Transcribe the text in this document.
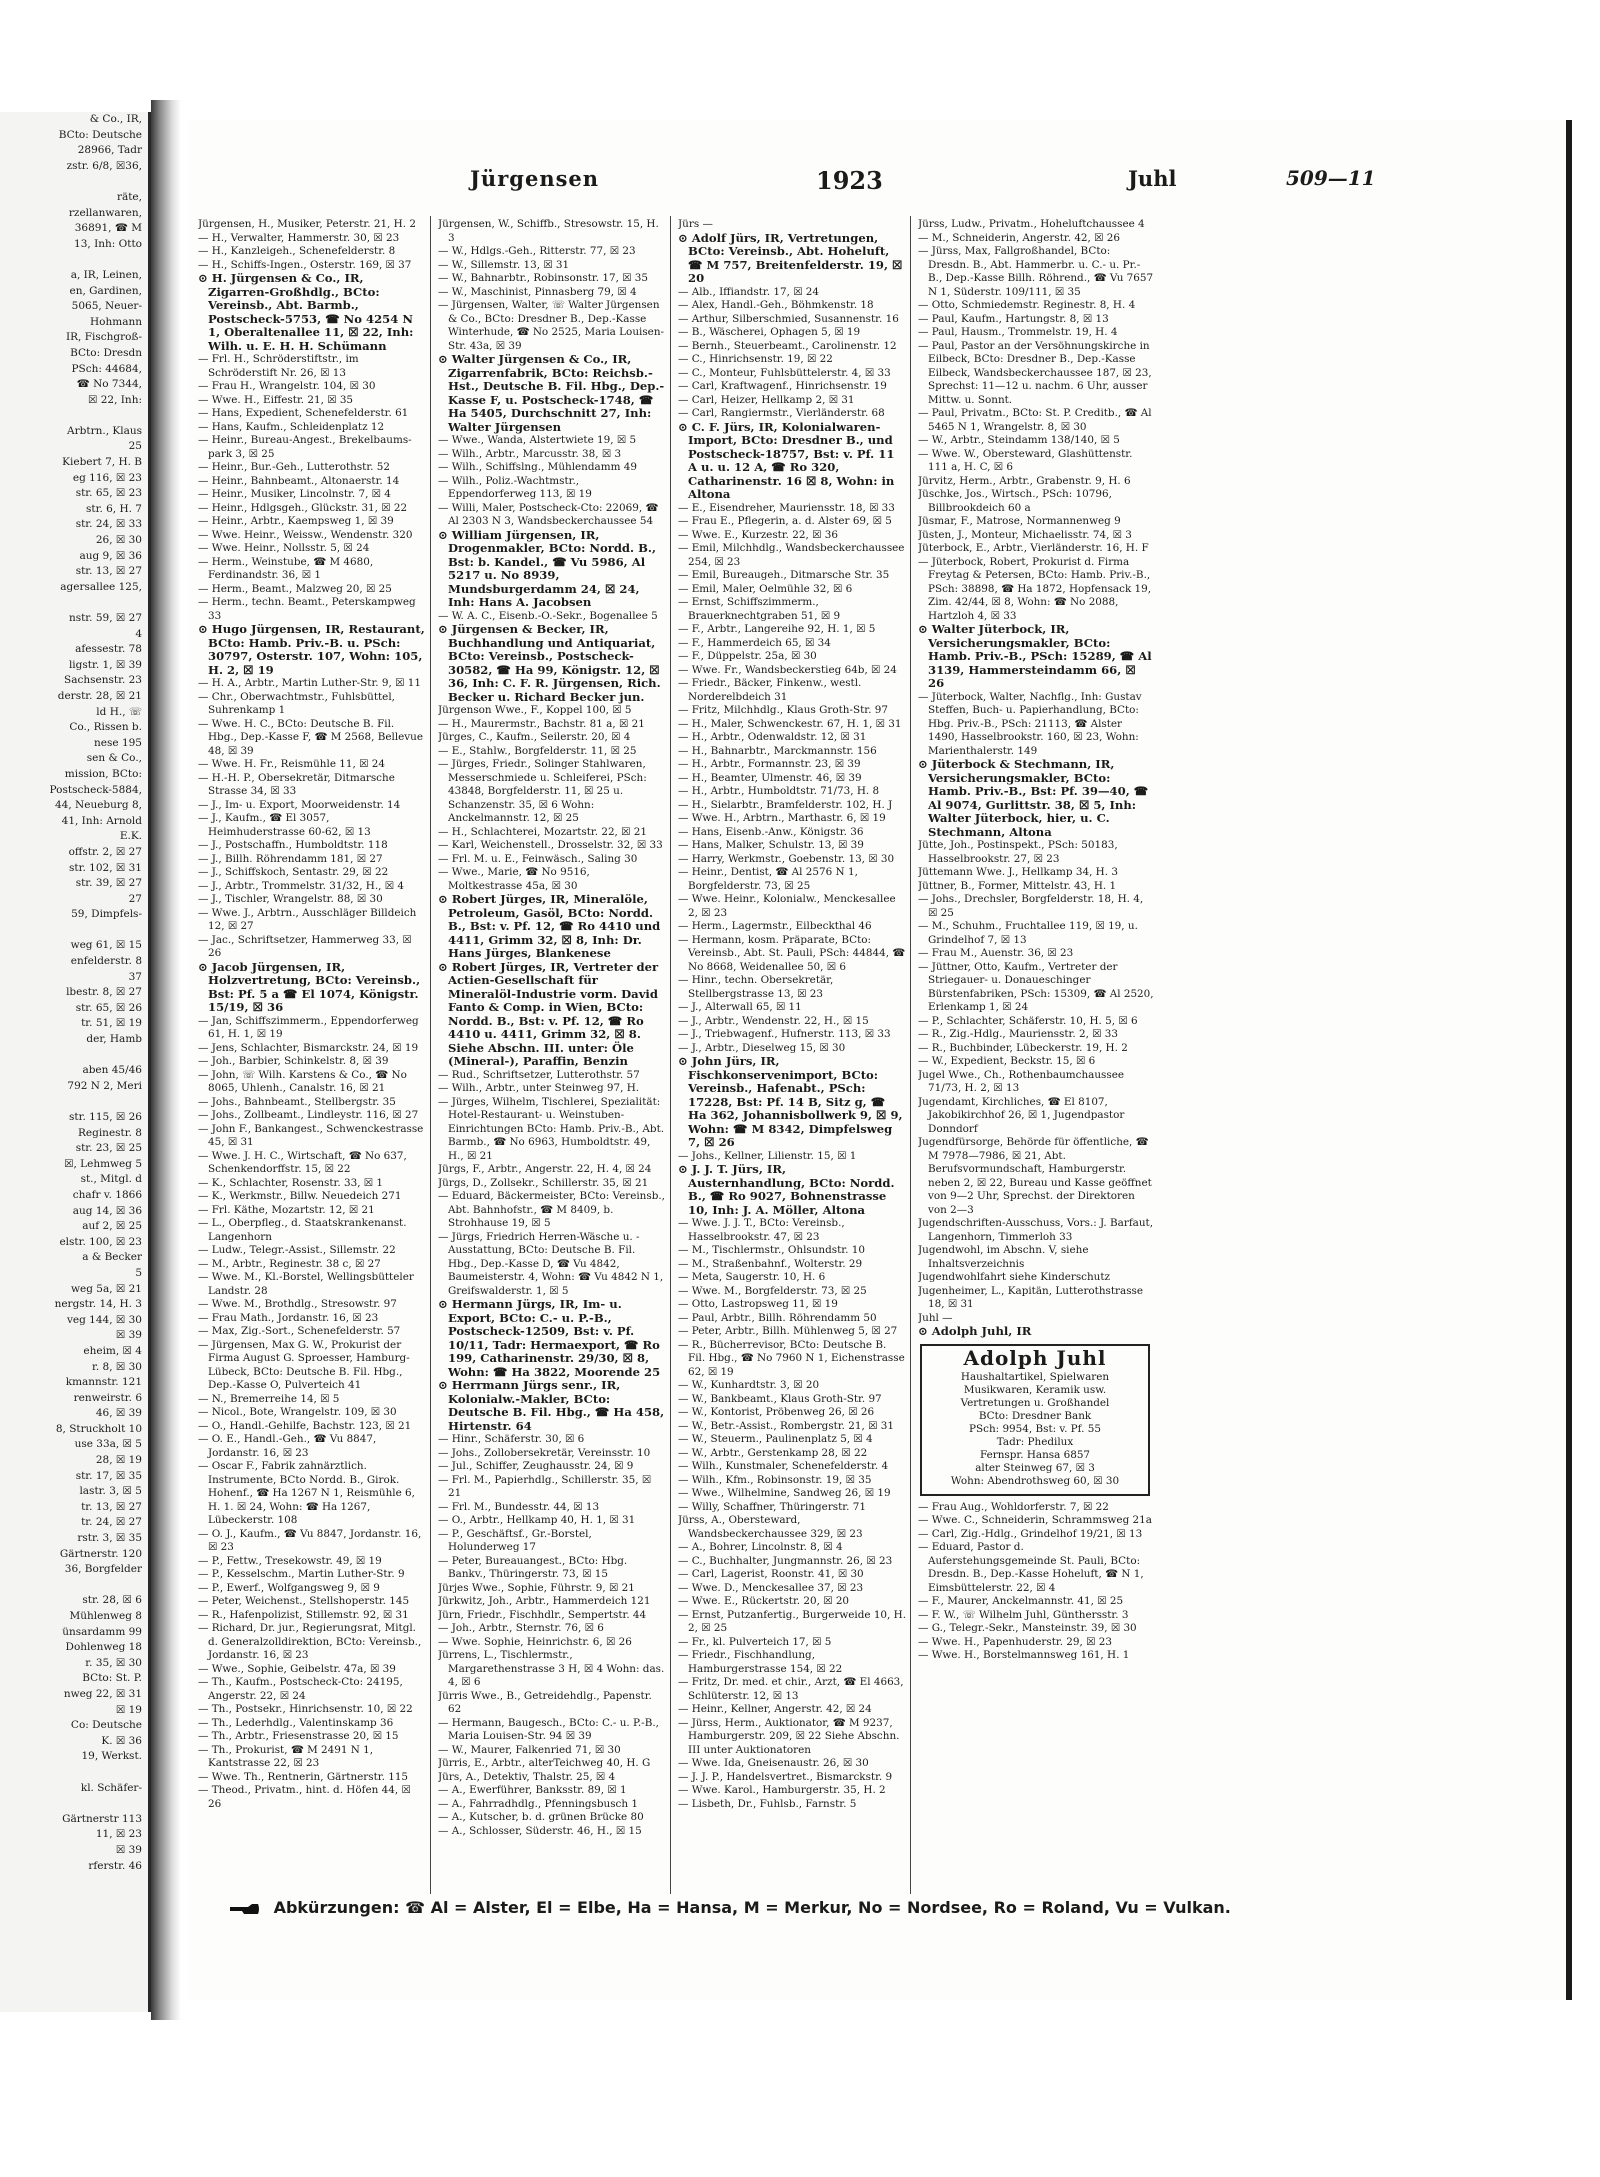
& Co., IR,
BCto: Deutsche
28966, Tadr
zstr. 6/8, ☒36,

räte,
rzellanwaren,
36891, ☎ M
13, Inh: Otto

a, IR, Leinen,
en, Gardinen,
5065, Neuer-
Hohmann
IR, Fischgroß-
BCto: Dresdn
PSch: 44684,
☎ No 7344,
☒ 22, Inh:

Arbtrn., Klaus
25
Kiebert 7, H. B
eg 116, ☒ 23
str. 65, ☒ 23
str. 6, H. 7
str. 24, ☒ 33
26, ☒ 30
aug 9, ☒ 36
str. 13, ☒ 27
agersallee 125,

nstr. 59, ☒ 27
4
afessestr. 78
ligstr. 1, ☒ 39
Sachsenstr. 23
derstr. 28, ☒ 21
ld H., ☏
Co., Rissen b.
nese 195
sen & Co.,
mission, BCto:
Postscheck-5884,
44, Neueburg 8,
41, Inh: Arnold
E.K.
offstr. 2, ☒ 27
str. 102, ☒ 31
str. 39, ☒ 27
27
59, Dimpfels-

weg 61, ☒ 15
enfelderstr. 8
37
lbestr. 8, ☒ 27
str. 65, ☒ 26
tr. 51, ☒ 19
der, Hamb

aben 45/46
792 N 2, Meri

str. 115, ☒ 26
Reginestr. 8
str. 23, ☒ 25
☒, Lehmweg 5
st., Mitgl. d
chafr v. 1866
aug 14, ☒ 36
auf 2, ☒ 25
elstr. 100, ☒ 23
a & Becker
5
weg 5a, ☒ 21
nergstr. 14, H. 3
veg 144, ☒ 30
☒ 39
eheim, ☒ 4
r. 8, ☒ 30
kmannstr. 121
renweirstr. 6
46, ☒ 39
8, Struckholt 10
use 33a, ☒ 5
28, ☒ 19
str. 17, ☒ 35
lastr. 3, ☒ 5
tr. 13, ☒ 27
tr. 24, ☒ 27
rstr. 3, ☒ 35
Gärtnerstr. 120
36, Borgfelder

str. 28, ☒ 6
Mühlenweg 8
ünsardamm 99
Dohlenweg 18
r. 35, ☒ 30
BCto: St. P.
nweg 22, ☒ 31
☒ 19
Co: Deutsche
K. ☒ 36
19, Werkst.

kl. Schäfer-

Gärtnerstr 113
11, ☒ 23
☒ 39
rferstr. 46
Jürgensen	1923	Juhl	509—11

Jürgensen, H., Musiker, Peterstr. 21, H. 2

— H., Verwalter, Hammerstr. 30, ☒ 23

— H., Kanzleigeh., Schenefelderstr. 8

— H., Schiffs-Ingen., Osterstr. 169, ☒ 37

⊙ H. Jürgensen & Co., IR, Zigarren-Großhdlg., BCto: Vereinsb., Abt. Barmb., Postscheck-5753, ☎ No 4254 N 1, Oberaltenallee 11, ☒ 22, Inh: Wilh. u. E. H. H. Schümann

— Frl. H., Schröderstiftstr., im Schröderstift Nr. 26, ☒ 13

— Frau H., Wrangelstr. 104, ☒ 30

— Wwe. H., Eiffestr. 21, ☒ 35

— Hans, Expedient, Schenefelderstr. 61

— Hans, Kaufm., Schleidenplatz 12

— Heinr., Bureau-Angest., Brekelbaums-park 3, ☒ 25

— Heinr., Bur.-Geh., Lutterothstr. 52

— Heinr., Bahnbeamt., Altonaerstr. 14

— Heinr., Musiker, Lincolnstr. 7, ☒ 4

— Heinr., Hdlgsgeh., Glückstr. 31, ☒ 22

— Heinr., Arbtr., Kaempsweg 1, ☒ 39

— Wwe. Heinr., Weissw., Wendenstr. 320

— Wwe. Heinr., Nollsstr. 5, ☒ 24

— Herm., Weinstube, ☎ M 4680, Ferdinandstr. 36, ☒ 1

— Herm., Beamt., Malzweg 20, ☒ 25

— Herm., techn. Beamt., Peterskampweg 33

⊙ Hugo Jürgensen, IR, Restaurant, BCto: Hamb. Priv.-B. u. PSch: 30797, Osterstr. 107, Wohn: 105, H. 2, ☒ 19

— H. A., Arbtr., Martin Luther-Str. 9, ☒ 11

— Chr., Oberwachtmstr., Fuhlsbüttel, Suhrenkamp 1

— Wwe. H. C., BCto: Deutsche B. Fil. Hbg., Dep.-Kasse F, ☎ M 2568, Bellevue 48, ☒ 39

— Wwe. H. Fr., Reismühle 11, ☒ 24

— H.-H. P., Obersekretär, Ditmarsche Strasse 34, ☒ 33

— J., Im- u. Export, Moorweidenstr. 14

— J., Kaufm., ☎ El 3057, Heimhuderstrasse 60-62, ☒ 13

— J., Postschaffn., Humboldtstr. 118

— J., Billh. Röhrendamm 181, ☒ 27

— J., Schiffskoch, Sentastr. 29, ☒ 22

— J., Arbtr., Trommelstr. 31/32, H., ☒ 4

— J., Tischler, Wrangelstr. 88, ☒ 30

— Wwe. J., Arbtrn., Ausschläger Billdeich 12, ☒ 27

— Jac., Schriftsetzer, Hammerweg 33, ☒ 26

⊙ Jacob Jürgensen, IR, Holzvertretung, BCto: Vereinsb., Bst: Pf. 5 a ☎ El 1074, Königstr. 15/19, ☒ 36

— Jan, Schiffszimmerm., Eppendorferweg 61, H. 1, ☒ 19

— Jens, Schlachter, Bismarckstr. 24, ☒ 19

— Joh., Barbier, Schinkelstr. 8, ☒ 39

— John, ☏ Wilh. Karstens & Co., ☎ No 8065, Uhlenh., Canalstr. 16, ☒ 21

— Johs., Bahnbeamt., Stellbergstr. 35

— Johs., Zollbeamt., Lindleystr. 116, ☒ 27

— John F., Bankangest., Schwenckestrasse 45, ☒ 31

— Wwe. J. H. C., Wirtschaft, ☎ No 637, Schenkendorffstr. 15, ☒ 22

— K., Schlachter, Rosenstr. 33, ☒ 1

— K., Werkmstr., Billw. Neuedeich 271

— Frl. Käthe, Mozartstr. 12, ☒ 21

— L., Oberpfleg., d. Staatskrankenanst. Langenhorn

— Ludw., Telegr.-Assist., Sillemstr. 22

— M., Arbtr., Reginestr. 38 c, ☒ 27

— Wwe. M., Kl.-Borstel, Wellingsbütteler Landstr. 28

— Wwe. M., Brothdlg., Stresowstr. 97

— Frau Math., Jordanstr. 16, ☒ 23

— Max, Zig.-Sort., Schenefelderstr. 57

— Jürgensen, Max G. W., Prokurist der Firma August G. Sproesser, Hamburg-Lübeck, BCto: Deutsche B. Fil. Hbg., Dep.-Kasse O, Pulverteich 41

— N., Bremerreihe 14, ☒ 5

— Nicol., Bote, Wrangelstr. 109, ☒ 30

— O., Handl.-Gehilfe, Bachstr. 123, ☒ 21

— O. E., Handl.-Geh., ☎ Vu 8847, Jordanstr. 16, ☒ 23

— Oscar F., Fabrik zahnärztlich. Instrumente, BCto Nordd. B., Girok. Hohenf., ☎ Ha 1267 N 1, Reismühle 6, H. 1. ☒ 24, Wohn: ☎ Ha 1267, Lübeckerstr. 108

— O. J., Kaufm., ☎ Vu 8847, Jordanstr. 16, ☒ 23

— P., Fettw., Tresekowstr. 49, ☒ 19

— P., Kesselschm., Martin Luther-Str. 9

— P., Ewerf., Wolfgangsweg 9, ☒ 9

— Peter, Weichenst., Stellshoperstr. 145

— R., Hafenpolizist, Stillemstr. 92, ☒ 31

— Richard, Dr. jur., Regierungsrat, Mitgl. d. Generalzolldirektion, BCto: Vereinsb., Jordanstr. 16, ☒ 23

— Wwe., Sophie, Geibelstr. 47a, ☒ 39

— Th., Kaufm., Postscheck-Cto: 24195, Angerstr. 22, ☒ 24

— Th., Postsekr., Hinrichsenstr. 10, ☒ 22

— Th., Lederhdlg., Valentinskamp 36

— Th., Arbtr., Friesenstrasse 20, ☒ 15

— Th., Prokurist, ☎ M 2491 N 1, Kantstrasse 22, ☒ 23

— Wwe. Th., Rentnerin, Gärtnerstr. 115

— Theod., Privatm., hint. d. Höfen 44, ☒ 26

Jürgensen, W., Schiffb., Stresowstr. 15, H. 3

— W., Hdlgs.-Geh., Ritterstr. 77, ☒ 23

— W., Sillemstr. 13, ☒ 31

— W., Bahnarbtr., Robinsonstr. 17, ☒ 35

— W., Maschinist, Pinnasberg 79, ☒ 4

— Jürgensen, Walter, ☏ Walter Jürgensen & Co., BCto: Dresdner B., Dep.-Kasse Winterhude, ☎ No 2525, Maria Louisen-Str. 43a, ☒ 39

⊙ Walter Jürgensen & Co., IR, Zigarrenfabrik, BCto: Reichsb.-Hst., Deutsche B. Fil. Hbg., Dep.-Kasse F, u. Postscheck-1748, ☎ Ha 5405, Durchschnitt 27, Inh: Walter Jürgensen

— Wwe., Wanda, Alstertwiete 19, ☒ 5

— Wilh., Arbtr., Marcusstr. 38, ☒ 3

— Wilh., Schiffslng., Mühlendamm 49

— Wilh., Poliz.-Wachtmstr., Eppendorferweg 113, ☒ 19

— Willi, Maler, Postscheck-Cto: 22069, ☎ Al 2303 N 3, Wandsbeckerchaussee 54

⊙ William Jürgensen, IR, Drogenmakler, BCto: Nordd. B., Bst: b. Kandel., ☎ Vu 5986, Al 5217 u. No 8939, Mundsburgerdamm 24, ☒ 24, Inh: Hans A. Jacobsen

— W. A. C., Eisenb.-O.-Sekr., Bogenallee 5

⊙ Jürgensen & Becker, IR, Buchhandlung und Antiquariat, BCto: Vereinsb., Postscheck-30582, ☎ Ha 99, Königstr. 12, ☒ 36, Inh: C. F. R. Jürgensen, Rich. Becker u. Richard Becker jun.

Jürgenson Wwe., F., Koppel 100, ☒ 5

— H., Maurermstr., Bachstr. 81 a, ☒ 21

Jürges, C., Kaufm., Seilerstr. 20, ☒ 4

— E., Stahlw., Borgfelderstr. 11, ☒ 25

— Jürges, Friedr., Solinger Stahlwaren, Messerschmiede u. Schleiferei, PSch: 43848, Borgfelderstr. 11, ☒ 25 u. Schanzenstr. 35, ☒ 6 Wohn: Anckelmannstr. 12, ☒ 25

— H., Schlachterei, Mozartstr. 22, ☒ 21

— Karl, Weichenstell., Drosselstr. 32, ☒ 33

— Frl. M. u. E., Feinwäsch., Saling 30

— Wwe., Marie, ☎ No 9516, Moltkestrasse 45a, ☒ 30

⊙ Robert Jürges, IR, Mineralöle, Petroleum, Gasöl, BCto: Nordd. B., Bst: v. Pf. 12, ☎ Ro 4410 und 4411, Grimm 32, ☒ 8, Inh: Dr. Hans Jürges, Blankenese

⊙ Robert Jürges, IR, Vertreter der Actien-Gesellschaft für Mineralöl-Industrie vorm. David Fanto & Comp. in Wien, BCto: Nordd. B., Bst: v. Pf. 12, ☎ Ro 4410 u. 4411, Grimm 32, ☒ 8. Siehe Abschn. III. unter: Öle (Mineral-), Paraffin, Benzin

— Rud., Schriftsetzer, Lutterothstr. 57

— Wilh., Arbtr., unter Steinweg 97, H.

— Jürges, Wilhelm, Tischlerei, Spezialität: Hotel-Restaurant- u. Weinstuben-Einrichtungen BCto: Hamb. Priv.-B., Abt. Barmb., ☎ No 6963, Humboldtstr. 49, H., ☒ 21

Jürgs, F., Arbtr., Angerstr. 22, H. 4, ☒ 24

Jürgs, D., Zollsekr., Schillerstr. 35, ☒ 21

— Eduard, Bäckermeister, BCto: Vereinsb., Abt. Bahnhofstr., ☎ M 8409, b. Strohhause 19, ☒ 5

— Jürgs, Friedrich Herren-Wäsche u. -Ausstattung, BCto: Deutsche B. Fil. Hbg., Dep.-Kasse D, ☎ Vu 4842, Baumeisterstr. 4, Wohn: ☎ Vu 4842 N 1, Greifswalderstr. 1, ☒ 5

⊙ Hermann Jürgs, IR, Im- u. Export, BCto: C.- u. P.-B., Postscheck-12509, Bst: v. Pf. 10/11, Tadr: Hermaexport, ☎ Ro 199, Catharinenstr. 29/30, ☒ 8, Wohn: ☎ Ha 3822, Moorende 25

⊙ Herrmann Jürgs senr., IR, Kolonialw.-Makler, BCto: Deutsche B. Fil. Hbg., ☎ Ha 458, Hirtenstr. 64

— Hinr., Schäferstr. 30, ☒ 6

— Johs., Zollobersekretär, Vereinsstr. 10

— Jul., Schiffer, Zeughausstr. 24, ☒ 9

— Frl. M., Papierhdlg., Schillerstr. 35, ☒ 21

— Frl. M., Bundesstr. 44, ☒ 13

— O., Arbtr., Hellkamp 40, H. 1, ☒ 31

— P., Geschäftsf., Gr.-Borstel, Holunderweg 17

— Peter, Bureauangest., BCto: Hbg. Bankv., Thüringerstr. 73, ☒ 15

Jürjes Wwe., Sophie, Führstr. 9, ☒ 21

Jürkwitz, Joh., Arbtr., Hammerdeich 121

Jürn, Friedr., Fischhdlr., Sempertstr. 44

— Joh., Arbtr., Sternstr. 76, ☒ 6

— Wwe. Sophie, Heinrichstr. 6, ☒ 26

Jürrens, L., Tischlermstr., Margarethenstrasse 3 H, ☒ 4 Wohn: das. 4, ☒ 6

Jürris Wwe., B., Getreidehdlg., Papenstr. 62

— Hermann, Baugesch., BCto: C.- u. P.-B., Maria Louisen-Str. 94 ☒ 39

— W., Maurer, Falkenried 71, ☒ 30

Jürris, E., Arbtr., alterTeichweg 40, H. G

Jürs, A., Detektiv, Thalstr. 25, ☒ 4

— A., Ewerführer, Banksstr. 89, ☒ 1

— A., Fahrradhdlg., Pfenningsbusch 1

— A., Kutscher, b. d. grünen Brücke 80

— A., Schlosser, Süderstr. 46, H., ☒ 15

Jürs —

⊙ Adolf Jürs, IR, Vertretungen, BCto: Vereinsb., Abt. Hoheluft, ☎ M 757, Breitenfelderstr. 19, ☒ 20

— Alb., Iffiandstr. 17, ☒ 24

— Alex, Handl.-Geh., Böhmkenstr. 18

— Arthur, Silberschmied, Susannenstr. 16

— B., Wäscherei, Ophagen 5, ☒ 19

— Bernh., Steuerbeamt., Carolinenstr. 12

— C., Hinrichsenstr. 19, ☒ 22

— C., Monteur, Fuhlsbüttelerstr. 4, ☒ 33

— Carl, Kraftwagenf., Hinrichsenstr. 19

— Carl, Heizer, Hellkamp 2, ☒ 31

— Carl, Rangiermstr., Vierländerstr. 68

⊙ C. F. Jürs, IR, Kolonialwaren-Import, BCto: Dresdner B., und Postscheck-18757, Bst: v. Pf. 11 A u. u. 12 A, ☎ Ro 320, Catharinenstr. 16 ☒ 8, Wohn: in Altona

— E., Eisendreher, Mauriensstr. 18, ☒ 33

— Frau E., Pflegerin, a. d. Alster 69, ☒ 5

— Wwe. E., Kurzestr. 22, ☒ 36

— Emil, Milchhdlg., Wandsbeckerchaussee 254, ☒ 23

— Emil, Bureaugeh., Ditmarsche Str. 35

— Emil, Maler, Oelmühle 32, ☒ 6

— Ernst, Schiffszimmerm., Brauerknechtgraben 51, ☒ 9

— F., Arbtr., Langereihe 92, H. 1, ☒ 5

— F., Hammerdeich 65, ☒ 34

— F., Düppelstr. 25a, ☒ 30

— Wwe. Fr., Wandsbeckerstieg 64b, ☒ 24

— Friedr., Bäcker, Finkenw., westl. Norderelbdeich 31

— Fritz, Milchhdlg., Klaus Groth-Str. 97

— H., Maler, Schwenckestr. 67, H. 1, ☒ 31

— H., Arbtr., Odenwaldstr. 12, ☒ 31

— H., Bahnarbtr., Marckmannstr. 156

— H., Arbtr., Formannstr. 23, ☒ 39

— H., Beamter, Ulmenstr. 46, ☒ 39

— H., Arbtr., Humboldtstr. 71/73, H. 8

— H., Sielarbtr., Bramfelderstr. 102, H. J

— Wwe. H., Arbtrn., Marthastr. 6, ☒ 19

— Hans, Eisenb.-Anw., Königstr. 36

— Hans, Malker, Schulstr. 13, ☒ 39

— Harry, Werkmstr., Goebenstr. 13, ☒ 30

— Heinr., Dentist, ☎ Al 2576 N 1, Borgfelderstr. 73, ☒ 25

— Wwe. Heinr., Kolonialw., Menckesallee 2, ☒ 23

— Herm., Lagermstr., Eilbeckthal 46

— Hermann, kosm. Präparate, BCto: Vereinsb., Abt. St. Pauli, PSch: 44844, ☎ No 8668, Weidenallee 50, ☒ 6

— Hinr., techn. Obersekretär, Stellbergstrasse 13, ☒ 23

— J., Alterwall 65, ☒ 11

— J., Arbtr., Wendenstr. 22, H., ☒ 15

— J., Triebwagenf., Hufnerstr. 113, ☒ 33

— J., Arbtr., Dieselweg 15, ☒ 30

⊙ John Jürs, IR, Fischkonservenimport, BCto: Vereinsb., Hafenabt., PSch: 17228, Bst: Pf. 14 B, Sitz g, ☎ Ha 362, Johannisbollwerk 9, ☒ 9, Wohn: ☎ M 8342, Dimpfelsweg 7, ☒ 26

— Johs., Kellner, Lilienstr. 15, ☒ 1

⊙ J. J. T. Jürs, IR, Austernhandlung, BCto: Nordd. B., ☎ Ro 9027, Bohnenstrasse 10, Inh: J. A. Möller, Altona

— Wwe. J. J. T., BCto: Vereinsb., Hasselbrookstr. 47, ☒ 23

— M., Tischlermstr., Ohlsundstr. 10

— M., Straßenbahnf., Wolterstr. 29

— Meta, Saugerstr. 10, H. 6

— Wwe. M., Borgfelderstr. 73, ☒ 25

— Otto, Lastropsweg 11, ☒ 19

— Paul, Arbtr., Billh. Röhrendamm 50

— Peter, Arbtr., Billh. Mühlenweg 5, ☒ 27

— R., Bücherrevisor, BCto: Deutsche B. Fil. Hbg., ☎ No 7960 N 1, Eichenstrasse 62, ☒ 19

— W., Kunhardtstr. 3, ☒ 20

— W., Bankbeamt., Klaus Groth-Str. 97

— W., Kontorist, Pröbenweg 26, ☒ 26

— W., Betr.-Assist., Rombergstr. 21, ☒ 31

— W., Steuerm., Paulinenplatz 5, ☒ 4

— W., Arbtr., Gerstenkamp 28, ☒ 22

— Wilh., Kunstmaler, Schenefelderstr. 4

— Wilh., Kfm., Robinsonstr. 19, ☒ 35

— Wwe., Wilhelmine, Sandweg 26, ☒ 19

— Willy, Schaffner, Thüringerstr. 71

Jürss, A., Obersteward, Wandsbeckerchaussee 329, ☒ 23

— A., Bohrer, Lincolnstr. 8, ☒ 4

— C., Buchhalter, Jungmannstr. 26, ☒ 23

— Carl, Lagerist, Roonstr. 41, ☒ 30

— Wwe. D., Menckesallee 37, ☒ 23

— Wwe. E., Rückertstr. 20, ☒ 20

— Ernst, Putzanfertig., Burgerweide 10, H. 2, ☒ 25

— Fr., kl. Pulverteich 17, ☒ 5

— Friedr., Fischhandlung, Hamburgerstrasse 154, ☒ 22

— Fritz, Dr. med. et chir., Arzt, ☎ El 4663, Schlüterstr. 12, ☒ 13

— Heinr., Kellner, Angerstr. 42, ☒ 24

— Jürss, Herm., Auktionator, ☎ M 9237, Hamburgerstr. 209, ☒ 22 Siehe Abschn. III unter Auktionatoren

— Wwe. Ida, Gneisenaustr. 26, ☒ 30

— J. J. P., Handelsvertret., Bismarckstr. 9

— Wwe. Karol., Hamburgerstr. 35, H. 2

— Lisbeth, Dr., Fuhlsb., Farnstr. 5

Jürss, Ludw., Privatm., Hoheluftchaussee 4

— M., Schneiderin, Angerstr. 42, ☒ 26

— Jürss, Max, Fallgroßhandel, BCto: Dresdn. B., Abt. Hammerbr. u. C.- u. Pr.-B., Dep.-Kasse Billh. Röhrend., ☎ Vu 7657 N 1, Süderstr. 109/111, ☒ 35

— Otto, Schmiedemstr. Reginestr. 8, H. 4

— Paul, Kaufm., Hartungstr. 8, ☒ 13

— Paul, Hausm., Trommelstr. 19, H. 4

— Paul, Pastor an der Versöhnungskirche in Eilbeck, BCto: Dresdner B., Dep.-Kasse Eilbeck, Wandsbeckerchaussee 187, ☒ 23, Sprechst: 11—12 u. nachm. 6 Uhr, ausser Mittw. u. Sonnt.

— Paul, Privatm., BCto: St. P. Creditb., ☎ Al 5465 N 1, Wrangelstr. 8, ☒ 30

— W., Arbtr., Steindamm 138/140, ☒ 5

— Wwe. W., Obersteward, Glashüttenstr. 111 a, H. C, ☒ 6

Jürvitz, Herm., Arbtr., Grabenstr. 9, H. 6

Jüschke, Jos., Wirtsch., PSch: 10796, Billbrookdeich 60 a

Jüsmar, F., Matrose, Normannenweg 9

Jüsten, J., Monteur, Michaelisstr. 74, ☒ 3

Jüterbock, E., Arbtr., Vierländerstr. 16, H. F

— Jüterbock, Robert, Prokurist d. Firma Freytag & Petersen, BCto: Hamb. Priv.-B., PSch: 38898, ☎ Ha 1872, Hopfensack 19, Zim. 42/44, ☒ 8, Wohn: ☎ No 2088, Hartzloh 4, ☒ 33

⊙ Walter Jüterbock, IR, Versicherungsmakler, BCto: Hamb. Priv.-B., PSch: 15289, ☎ Al 3139, Hammersteindamm 66, ☒ 26

— Jüterbock, Walter, Nachflg., Inh: Gustav Steffen, Buch- u. Papierhandlung, BCto: Hbg. Priv.-B., PSch: 21113, ☎ Alster 1490, Hasselbrookstr. 160, ☒ 23, Wohn: Marienthalerstr. 149

⊙ Jüterbock & Stechmann, IR, Versicherungsmakler, BCto: Hamb. Priv.-B., Bst: Pf. 39—40, ☎ Al 9074, Gurlittstr. 38, ☒ 5, Inh: Walter Jüterbock, hier, u. C. Stechmann, Altona

Jütte, Joh., Postinspekt., PSch: 50183, Hasselbrookstr. 27, ☒ 23

Jüttemann Wwe. J., Hellkamp 34, H. 3

Jüttner, B., Former, Mittelstr. 43, H. 1

— Johs., Drechsler, Borgfelderstr. 18, H. 4, ☒ 25

— M., Schuhm., Fruchtallee 119, ☒ 19, u. Grindelhof 7, ☒ 13

— Frau M., Auenstr. 36, ☒ 23

— Jüttner, Otto, Kaufm., Vertreter der Striegauer- u. Donaueschinger Bürstenfabriken, PSch: 15309, ☎ Al 2520, Erlenkamp 1, ☒ 24

— P., Schlachter, Schäferstr. 10, H. 5, ☒ 6

— R., Zig.-Hdlg., Mauriensstr. 2, ☒ 33

— R., Buchbinder, Lübeckerstr. 19, H. 2

— W., Expedient, Beckstr. 15, ☒ 6

Jugel Wwe., Ch., Rothenbaumchaussee 71/73, H. 2, ☒ 13

Jugendamt, Kirchliches, ☎ El 8107, Jakobikirchhof 26, ☒ 1, Jugendpastor Donndorf

Jugendfürsorge, Behörde für öffentliche, ☎ M 7978—7986, ☒ 21, Abt. Berufsvormundschaft, Hamburgerstr. neben 2, ☒ 22, Bureau und Kasse geöffnet von 9—2 Uhr, Sprechst. der Direktoren von 2—3

Jugendschriften-Ausschuss, Vors.: J. Barfaut, Langenhorn, Timmerloh 33

Jugendwohl, im Abschn. V, siehe Inhaltsverzeichnis

Jugendwohlfahrt siehe Kinderschutz

Jugenheimer, L., Kapitän, Lutterothstrasse 18, ☒ 31

Juhl —

⊙ Adolph Juhl, IR

Adolph Juhl
Haushaltartikel, Spielwaren
Musikwaren, Keramik usw.
Vertretungen u. Großhandel
BCto: Dresdner Bank
PSch: 9954, Bst: v. Pf. 55
Tadr: Phedilux
Fernspr. Hansa 6857
alter Steinweg 67, ☒ 3
Wohn: Abendrothsweg 60, ☒ 30

— Frau Aug., Wohldorferstr. 7, ☒ 22

— Wwe. C., Schneiderin, Schrammsweg 21a

— Carl, Zig.-Hdlg., Grindelhof 19/21, ☒ 13

— Eduard, Pastor d. Auferstehungsgemeinde St. Pauli, BCto: Dresdn. B., Dep.-Kasse Hoheluft, ☎ N 1, Eimsbüttelerstr. 22, ☒ 4

— F., Maurer, Anckelmannstr. 41, ☒ 25

— F. W., ☏ Wilhelm Juhl, Günthersstr. 3

— G., Telegr.-Sekr., Mansteinstr. 39, ☒ 30

— Wwe. H., Papenhuderstr. 29, ☒ 23

— Wwe. H., Borstelmannsweg 161, H. 1

Abkürzungen: ☎ Al = Alster, El = Elbe, Ha = Hansa, M = Merkur, No = Nordsee, Ro = Roland, Vu = Vulkan.
